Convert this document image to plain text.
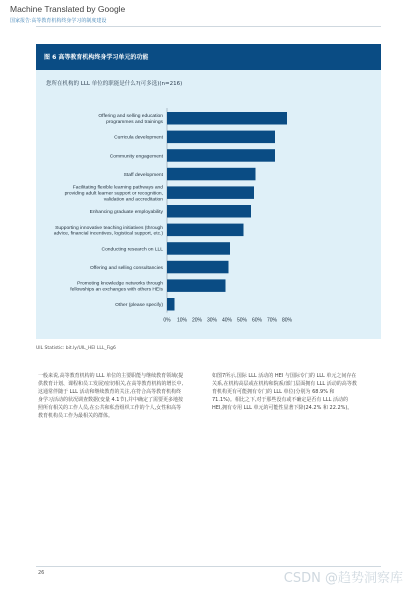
Machine Translated by Google
国家报告:高等教育机构终身学习的制度建设
图 6 高等教育机构终身学习单元的功能
您所在机构的 LLL 单位的职能是什么?(可多选)(n=216)
Offering and selling education
programmes and trainings
Curricula development
Community engagement
Staff development
Facilitating flexible learning pathways and
providing adult learner support or recognition,
validation and accreditation
Enhancing graduate employability
Supporting innovative teaching initiatives (through
advice, financial incentives, logistical support, etc.)
Conducting research on LLL
Offering and selling consultancies
Promoting knowledge networks through
fellowships an exchanges with others HEIs
Other (please specify)
0% 10% 20% 30% 40% 50% 60% 70% 80%
UIL Statistic: bit.ly/UIL_HEI LLL_Fig6
一般来说,高等教育机构的 LLL 单位的主要职能与继续教育领域(提供教育计划、课程和员工发展)密切相关,在高等教育机构的增长中,这通常伴随于 LLL 活动和继续教育的关注,在符合高等教育机构终身学习活动的状况调查数据(变量 4.1节),并中确定了需要更多地按照所有相关的工作人员,在公共和私营组织工作的个人,女性和高等教育机构员工作为最相关的群体。
如图7所示,国际 LLL 活动的 HEI 与国际专门的 LLL 单元之间存在关系,在机构高层或在机构和院系/部门层面拥有 LLL 活动的高等教育机构更有可能拥有专门的 LLL 单位(分别为 68.9% 和 71.1%)。相比之下,对于那些没有或不确定是否有 LLL 活动的 HEI,拥有专用 LLL 单元的可能性显著下降(24.2% 和 22.2%)。
26	CSDN @趋势洞察库
